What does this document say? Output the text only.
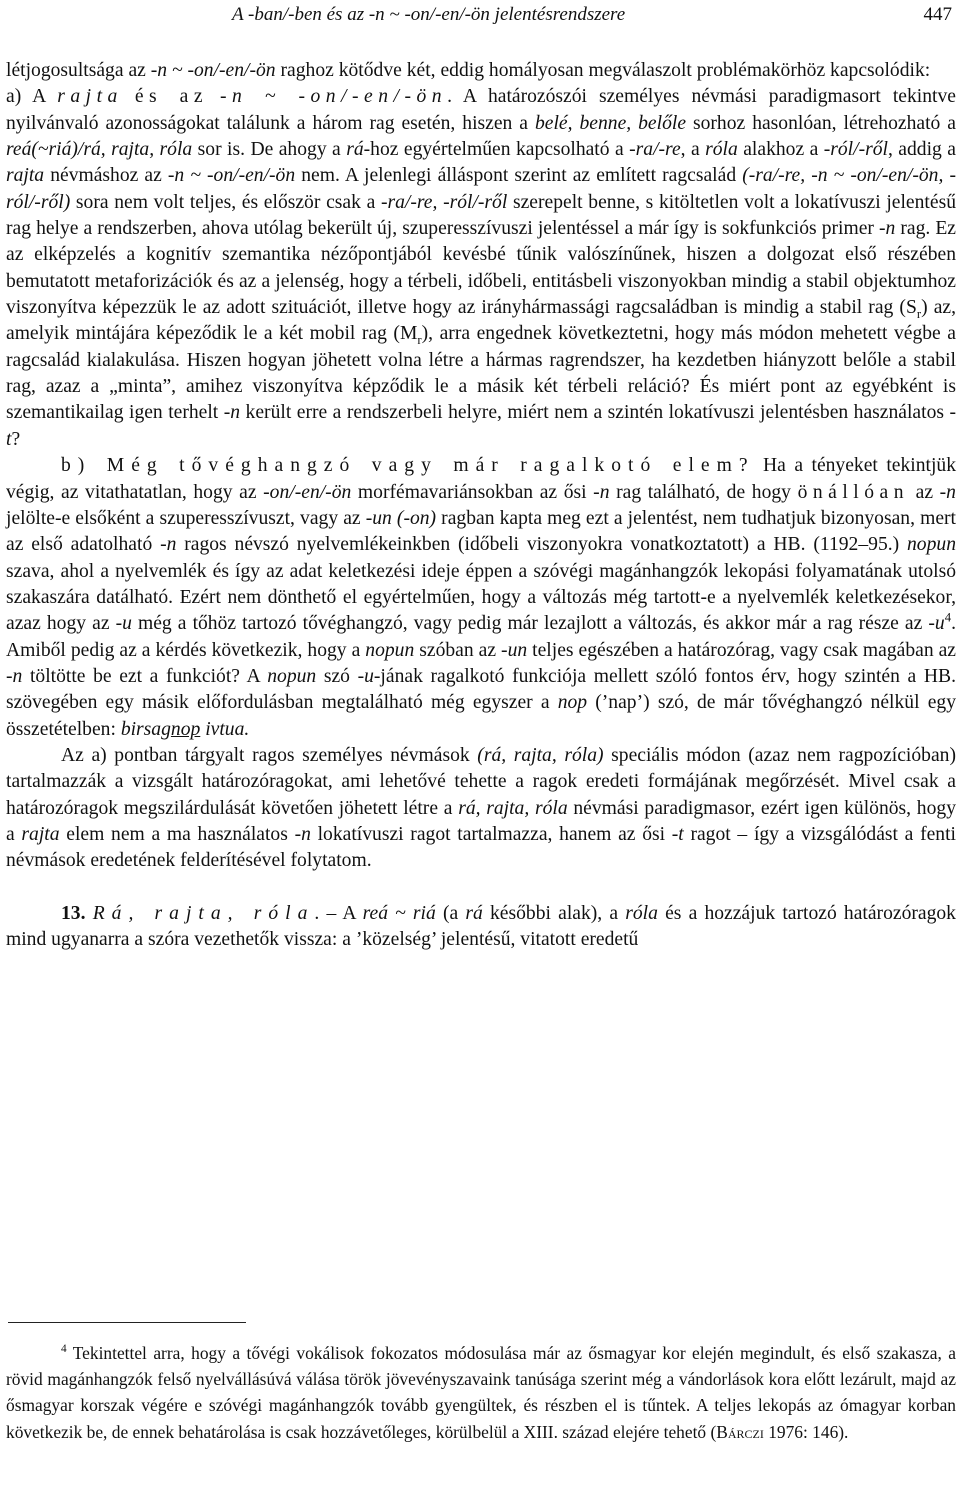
A -ban/-ben és az -n ~ -on/-en/-ön jelentésrendszere	447

létjogosultsága az -n ~ -on/-en/-ön raghoz kötődve két, eddig homályosan megválaszolt problémakörhöz kapcsolódik:

a) A rajta és az -n ~ -on/-en/-ön. A határozószói személyes névmási paradigmasort tekintve nyilvánvaló azonosságokat találunk a három rag esetén, hiszen a belé, benne, belőle sorhoz hasonlóan, létrehozható a reá(~riá)/rá, rajta, róla sor is. De ahogy a rá-hoz egyértelműen kapcsolható a -ra/-re, a róla alakhoz a -ról/-ről, addig a rajta névmáshoz az -n ~ -on/-en/-ön nem. A jelenlegi álláspont szerint az említett ragcsalád (-ra/-re, -n ~ -on/-en/-ön, -ról/-ről) sora nem volt teljes, és először csak a -ra/-re, -ról/-ről szerepelt benne, s kitöltetlen volt a lokatívuszi jelentésű rag helye a rendszerben, ahova utólag bekerült új, szuperesszívuszi jelentéssel a már így is sokfunkciós primer -n rag. Ez az elképzelés a kognitív szemantika nézőpontjából kevésbé tűnik valószínűnek, hiszen a dolgozat első részében bemutatott metaforizációk és az a jelenség, hogy a térbeli, időbeli, entitásbeli viszonyokban mindig a stabil objektumhoz viszonyítva képezzük le az adott szituációt, illetve hogy az irányhármassági ragcsaládban is mindig a stabil rag $(S_r)$ az, amelyik mintájára képeződik le a két mobil rag $(M_r)$, arra engednek következtetni, hogy más módon mehetett végbe a ragcsalád kialakulása. Hiszen hogyan jöhetett volna létre a hármas ragrendszer, ha kezdetben hiányzott belőle a stabil rag, azaz a „minta”, amihez viszonyítva képződik le a másik két térbeli reláció? És miért pont az egyébként is szemantikailag igen terhelt -n került erre a rendszerbeli helyre, miért nem a szintén lokatívuszi jelentésben használatos -t?

b) Még tővéghangzó vagy már ragalkotó elem? Ha a tényeket tekintjük végig, az vitathatatlan, hogy az -on/-en/-ön morfémavariánsokban az ősi -n rag található, de hogy önállóan az -n jelölte-e elsőként a szuperesszívuszt, vagy az -un (-on) ragban kapta meg ezt a jelentést, nem tudhatjuk bizonyosan, mert az első adatolható -n ragos névszó nyelvemlékeinkben (időbeli viszonyokra vonatkoztatott) a HB. (1192–95.) nopun szava, ahol a nyelvemlék és így az adat keletkezési ideje éppen a szóvégi magánhangzók lekopási folyamatának utolsó szakaszára datálható. Ezért nem dönthető el egyértelműen, hogy a változás még tartott-e a nyelvemlék keletkezésekor, azaz hogy az -u még a tőhöz tartozó tővéghangzó, vagy pedig már lezajlott a változás, és akkor már a rag része az $-u^4$. Amiből pedig az a kérdés következik, hogy a nopun szóban az -un teljes egészében a határozórag, vagy csak magában az -n töltötte be ezt a funkciót? A nopun szó -u-jának ragalkotó funkciója mellett szóló fontos érv, hogy szintén a HB. szövegében egy másik előfordulásban megtalálható még egyszer a nop (’nap’) szó, de már tővéghangzó nélkül egy összetételben: birsagnop ivtua.

Az a) pontban tárgyalt ragos személyes névmások (rá, rajta, róla) speciális módon (azaz nem ragpozícióban) tartalmazzák a vizsgált határozóragokat, ami lehetővé tehette a ragok eredeti formájának megőrzését. Mivel csak a határozóragok megszilárdulását követően jöhetett létre a rá, rajta, róla névmási paradigmasor, ezért igen különös, hogy a rajta elem nem a ma használatos -n lokatívuszi ragot tartalmazza, hanem az ősi -t ragot – így a vizsgálódást a fenti névmások eredetének felderítésével folytatom.

13. Rá, rajta, róla. – A reá ~ riá (a rá későbbi alak), a róla és a hozzájuk tartozó határozóragok mind ugyanarra a szóra vezethetők vissza: a ’közelség’ jelentésű, vitatott eredetű

$^4$ Tekintettel arra, hogy a tővégi vokálisok fokozatos módosulása már az ősmagyar kor elején megindult, és első szakasza, a rövid magánhangzók felső nyelvállásúvá válása török jövevényszavaink tanúsága szerint még a vándorlások kora előtt lezárult, majd az ősmagyar korszak végére e szóvégi magánhangzók tovább gyengültek, és részben el is tűntek. A teljes lekopás az ómagyar korban következik be, de ennek behatárolása is csak hozzávetőleges, körülbelül a XIII. század elejére tehető (Bárczi 1976: 146).
